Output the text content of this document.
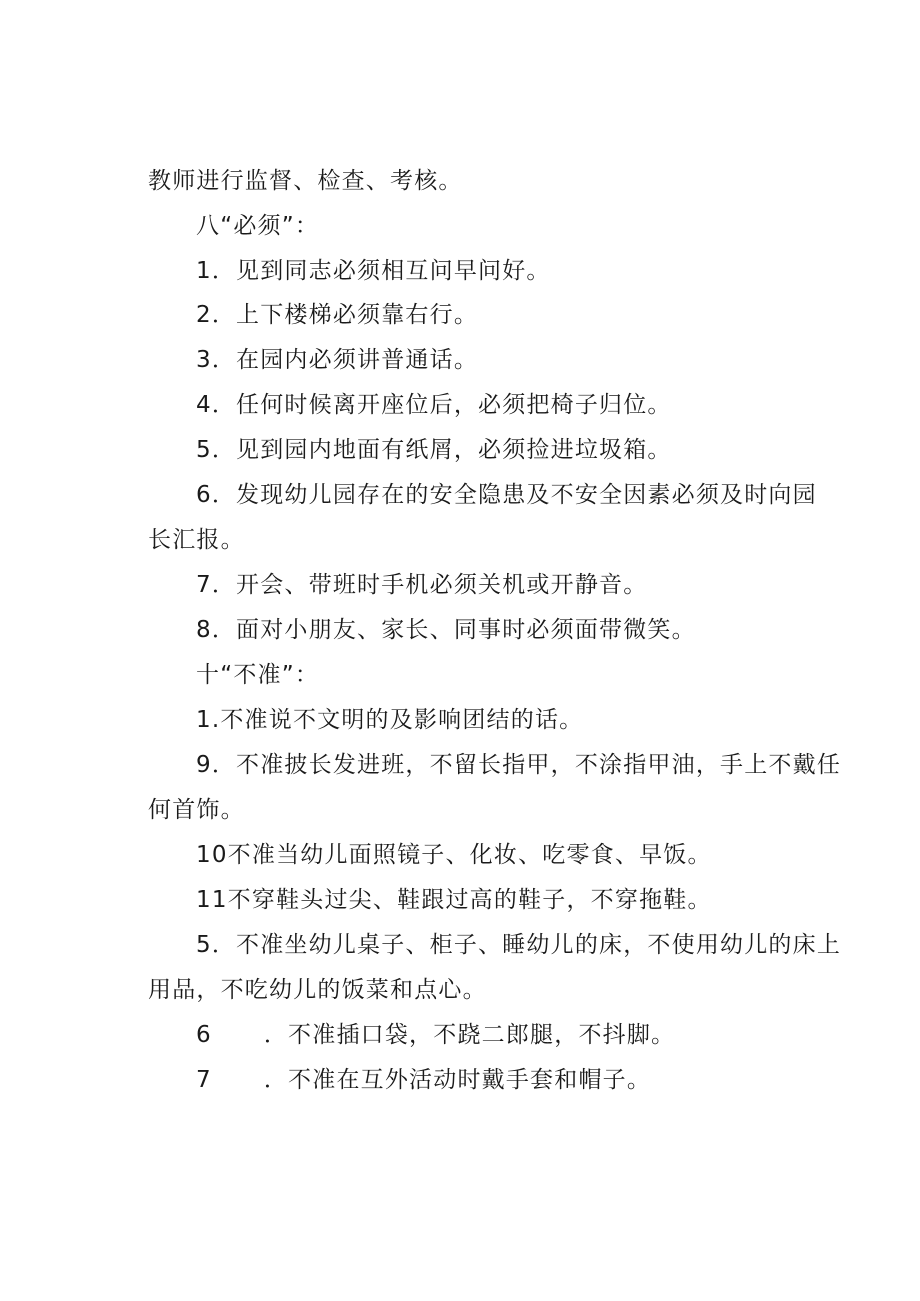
教师进行监督、检查、考核。
八“必须”：
1．见到同志必须相互问早问好。
2．上下楼梯必须靠右行。
3．在园内必须讲普通话。
4．任何时候离开座位后，必须把椅子归位。
5．见到园内地面有纸屑，必须捡进垃圾箱。
6．发现幼儿园存在的安全隐患及不安全因素必须及时向园
长汇报。
7．开会、带班时手机必须关机或开静音。
8．面对小朋友、家长、同事时必须面带微笑。
十“不准”：
1.不准说不文明的及影响团结的话。
9．不准披长发进班，不留长指甲，不涂指甲油，手上不戴任
何首饰。
10不准当幼儿面照镜子、化妆、吃零食、早饭。
11不穿鞋头过尖、鞋跟过高的鞋子，不穿拖鞋。
5．不准坐幼儿桌子、柜子、睡幼儿的床，不使用幼儿的床上
用品，不吃幼儿的饭菜和点心。
6 ．不准插口袋，不跷二郎腿，不抖脚。
7 ．不准在互外活动时戴手套和帽子。
